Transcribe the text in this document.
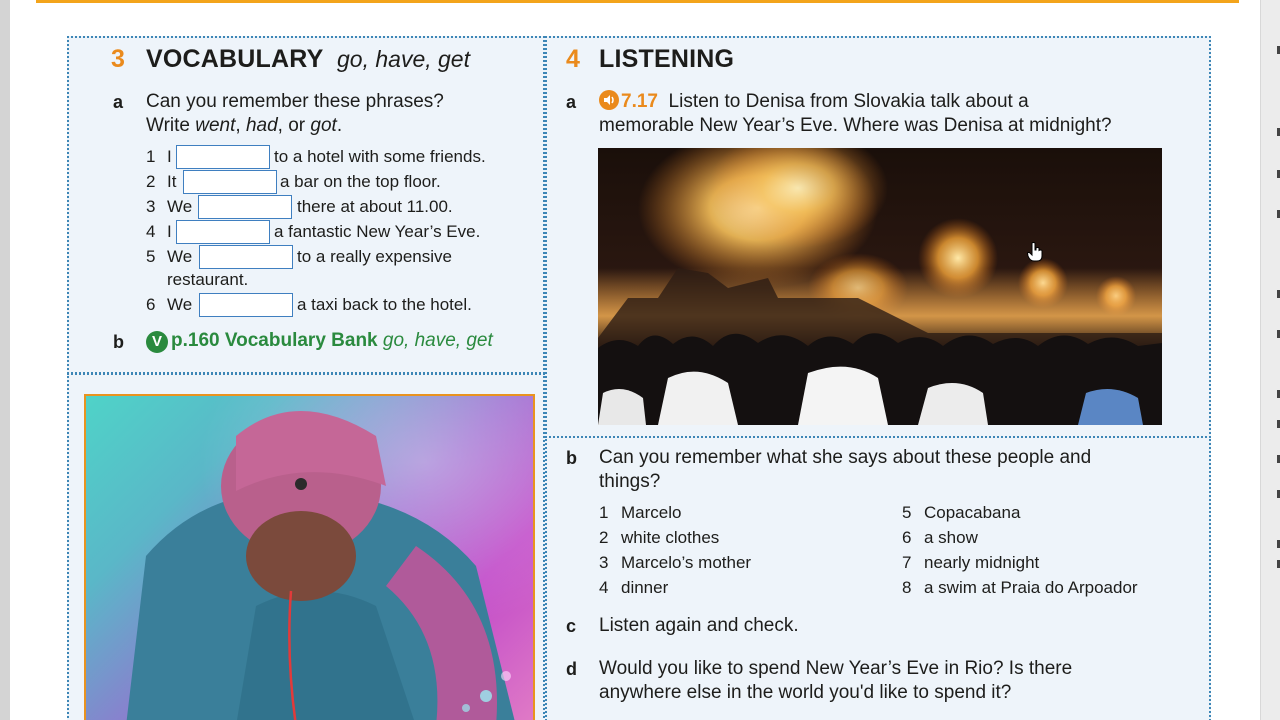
3 VOCABULARY go, have, get
a Can you remember these phrases?
Write went, had, or got.
1 I	to a hotel with some friends.
2 It	a bar on the top floor.
3 We	there at about 11.00.
4 I	a fantastic New Year’s Eve.
5 We	to a really expensive
restaurant.
6 We	a taxi back to the hotel.
b	V p.160 Vocabulary Bank go, have, get
4 LISTENING
a	7.17 Listen to Denisa from Slovakia talk about a
memorable New Year’s Eve. Where was Denisa at midnight?
b Can you remember what she says about these people and
things?
1 Marcelo
2 white clothes
3 Marcelo’s mother
4 dinner
5 Copacabana
6 a show
7 nearly midnight
8 a swim at Praia do Arpoador
c Listen again and check.
d Would you like to spend New Year’s Eve in Rio? Is there
anywhere else in the world you'd like to spend it?
